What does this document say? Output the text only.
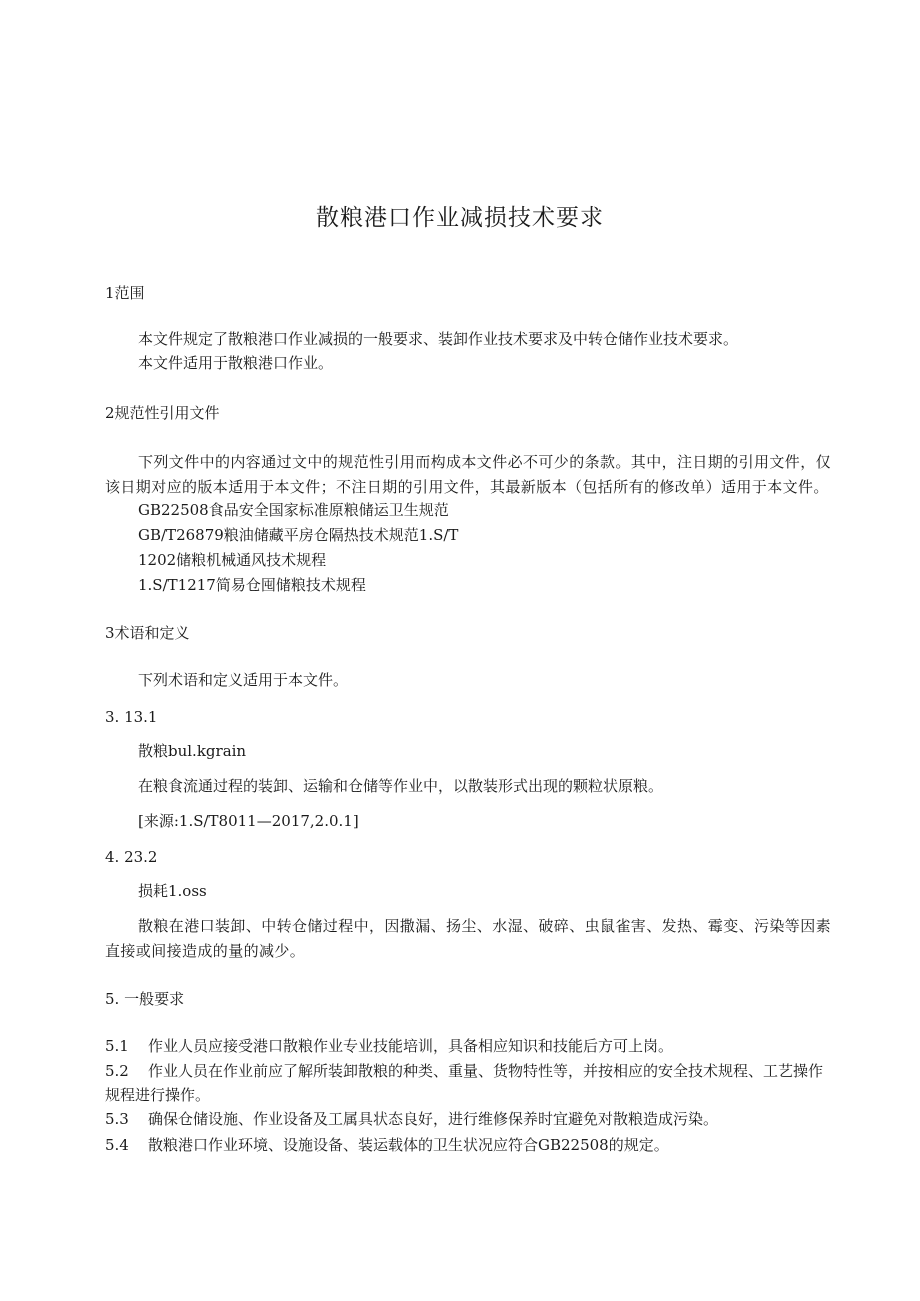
散粮港口作业减损技术要求
1范围
本文件规定了散粮港口作业减损的一般要求、装卸作业技术要求及中转仓储作业技术要求。
本文件适用于散粮港口作业。
2规范性引用文件
下列文件中的内容通过文中的规范性引用而构成本文件必不可少的条款。其中，注日期的引用文件，仅该日期对应的版本适用于本文件；不注日期的引用文件，其最新版本（包括所有的修改单）适用于本文件。
GB22508食品安全国家标准原粮储运卫生规范
GB/T26879粮油储藏平房仓隔热技术规范1.S/T
1202储粮机械通风技术规程
1.S/T1217简易仓囤储粮技术规程
3术语和定义
下列术语和定义适用于本文件。
3. 13.1
散粮bul.kgrain
在粮食流通过程的装卸、运输和仓储等作业中，以散装形式出现的颗粒状原粮。
[来源:1.S/T8011—2017,2.0.1]
4. 23.2
损耗1.oss
散粮在港口装卸、中转仓储过程中，因撒漏、扬尘、水湿、破碎、虫鼠雀害、发热、霉变、污染等因素直接或间接造成的量的减少。
5. 一般要求
5.1 作业人员应接受港口散粮作业专业技能培训，具备相应知识和技能后方可上岗。
5.2 作业人员在作业前应了解所装卸散粮的种类、重量、货物特性等，并按相应的安全技术规程、工艺操作规程进行操作。
5.3 确保仓储设施、作业设备及工属具状态良好，进行维修保养时宜避免对散粮造成污染。
5.4 散粮港口作业环境、设施设备、装运载体的卫生状况应符合GB22508的规定。
